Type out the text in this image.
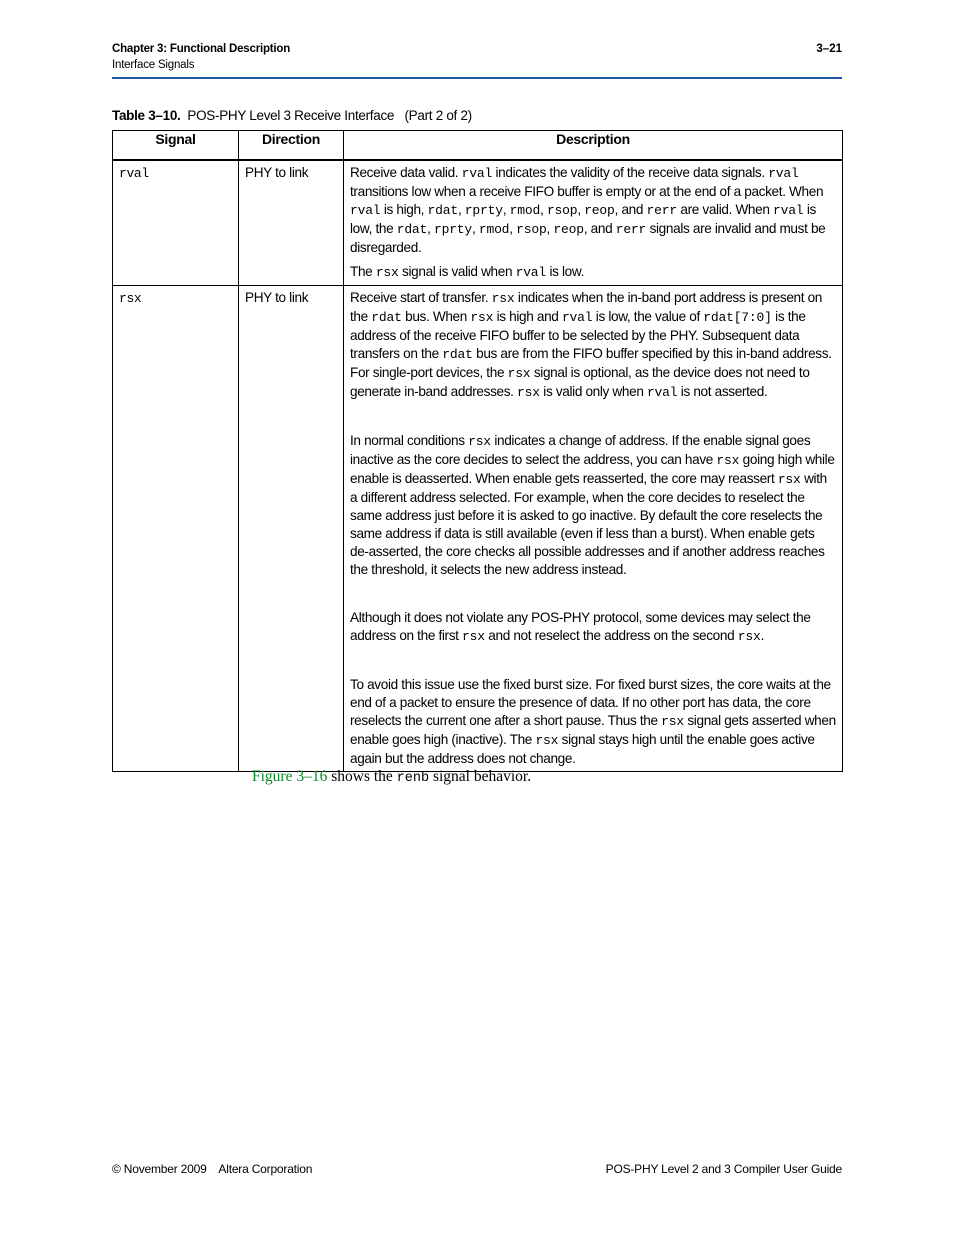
Chapter 3: Functional Description
Interface Signals
3–21
Table 3–10. POS-PHY Level 3 Receive Interface (Part 2 of 2)
Signal	Direction	Description
rval	PHY to link	Receive data valid. rval indicates the validity of the receive data signals. rval transitions low when a receive FIFO buffer is empty or at the end of a packet. When rval is high, rdat, rprty, rmod, rsop, reop, and rerr are valid. When rval is low, the rdat, rprty, rmod, rsop, reop, and rerr signals are invalid and must be disregarded.

The rsx signal is valid when rval is low.

rsx	PHY to link	Receive start of transfer. rsx indicates when the in-band port address is present on the rdat bus. When rsx is high and rval is low, the value of rdat[7:0] is the address of the receive FIFO buffer to be selected by the PHY. Subsequent data transfers on the rdat bus are from the FIFO buffer specified by this in-band address. For single-port devices, the rsx signal is optional, as the device does not need to generate in-band addresses. rsx is valid only when rval is not asserted.

In normal conditions rsx indicates a change of address. If the enable signal goes inactive as the core decides to select the address, you can have rsx going high while enable is deasserted. When enable gets reasserted, the core may reassert rsx with a different address selected. For example, when the core decides to reselect the same address just before it is asked to go inactive. By default the core reselects the same address if data is still available (even if less than a burst). When enable gets de-asserted, the core checks all possible addresses and if another address reaches the threshold, it selects the new address instead.

Although it does not violate any POS-PHY protocol, some devices may select the address on the first rsx and not reselect the address on the second rsx.

To avoid this issue use the fixed burst size. For fixed burst sizes, the core waits at the end of a packet to ensure the presence of data. If no other port has data, the core reselects the current one after a short pause. Thus the rsx signal gets asserted when enable goes high (inactive). The rsx signal stays high until the enable goes active again but the address does not change.

Figure 3–16 shows the renb signal behavior.
© November 2009    Altera Corporation	POS-PHY Level 2 and 3 Compiler User Guide
